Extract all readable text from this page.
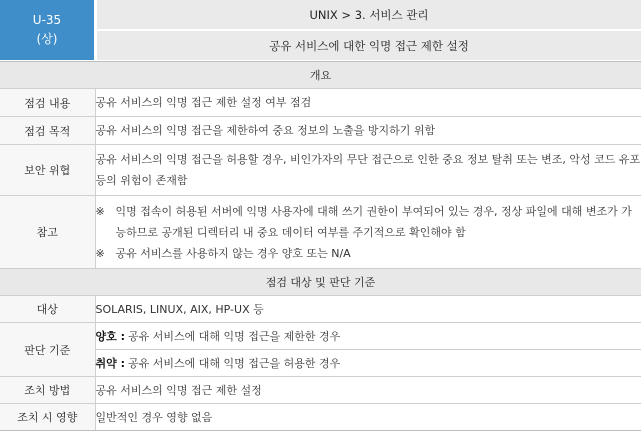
U-35
(상)
UNIX > 3. 서비스 관리
공유 서비스에 대한 익명 접근 제한 설정
개요	
점검 내용	공유 서비스의 익명 접근 제한 설정 여부 점검
점검 목적	공유 서비스의 익명 접근을 제한하여 중요 정보의 노출을 방지하기 위함
보안 위협	공유 서비스의 익명 접근을 허용할 경우, 비인가자의 무단 접근으로 인한 중요 정보 탈취 또는 변조, 악성 코드 유포 등의 위험이 존재함
참고	※ 익명 접속이 허용된 서버에 익명 사용자에 대해 쓰기 권한이 부여되어 있는 경우, 정상 파일에 대해 변조가 가능하므로 공개된 디렉터리 내 중요 데이터 여부를 주기적으로 확인해야 함
※ 공유 서비스를 사용하지 않는 경우 양호 또는 N/A

점검 대상 및 판단 기준	
대상	SOLARIS, LINUX, AIX, HP-UX 등
판단 기준	양호 : 공유 서비스에 대해 익명 접근을 제한한 경우

	취약 : 공유 서비스에 대해 익명 접근을 허용한 경우

조치 방법	공유 서비스의 익명 접근 제한 설정
조치 시 영향	일반적인 경우 영향 없음
